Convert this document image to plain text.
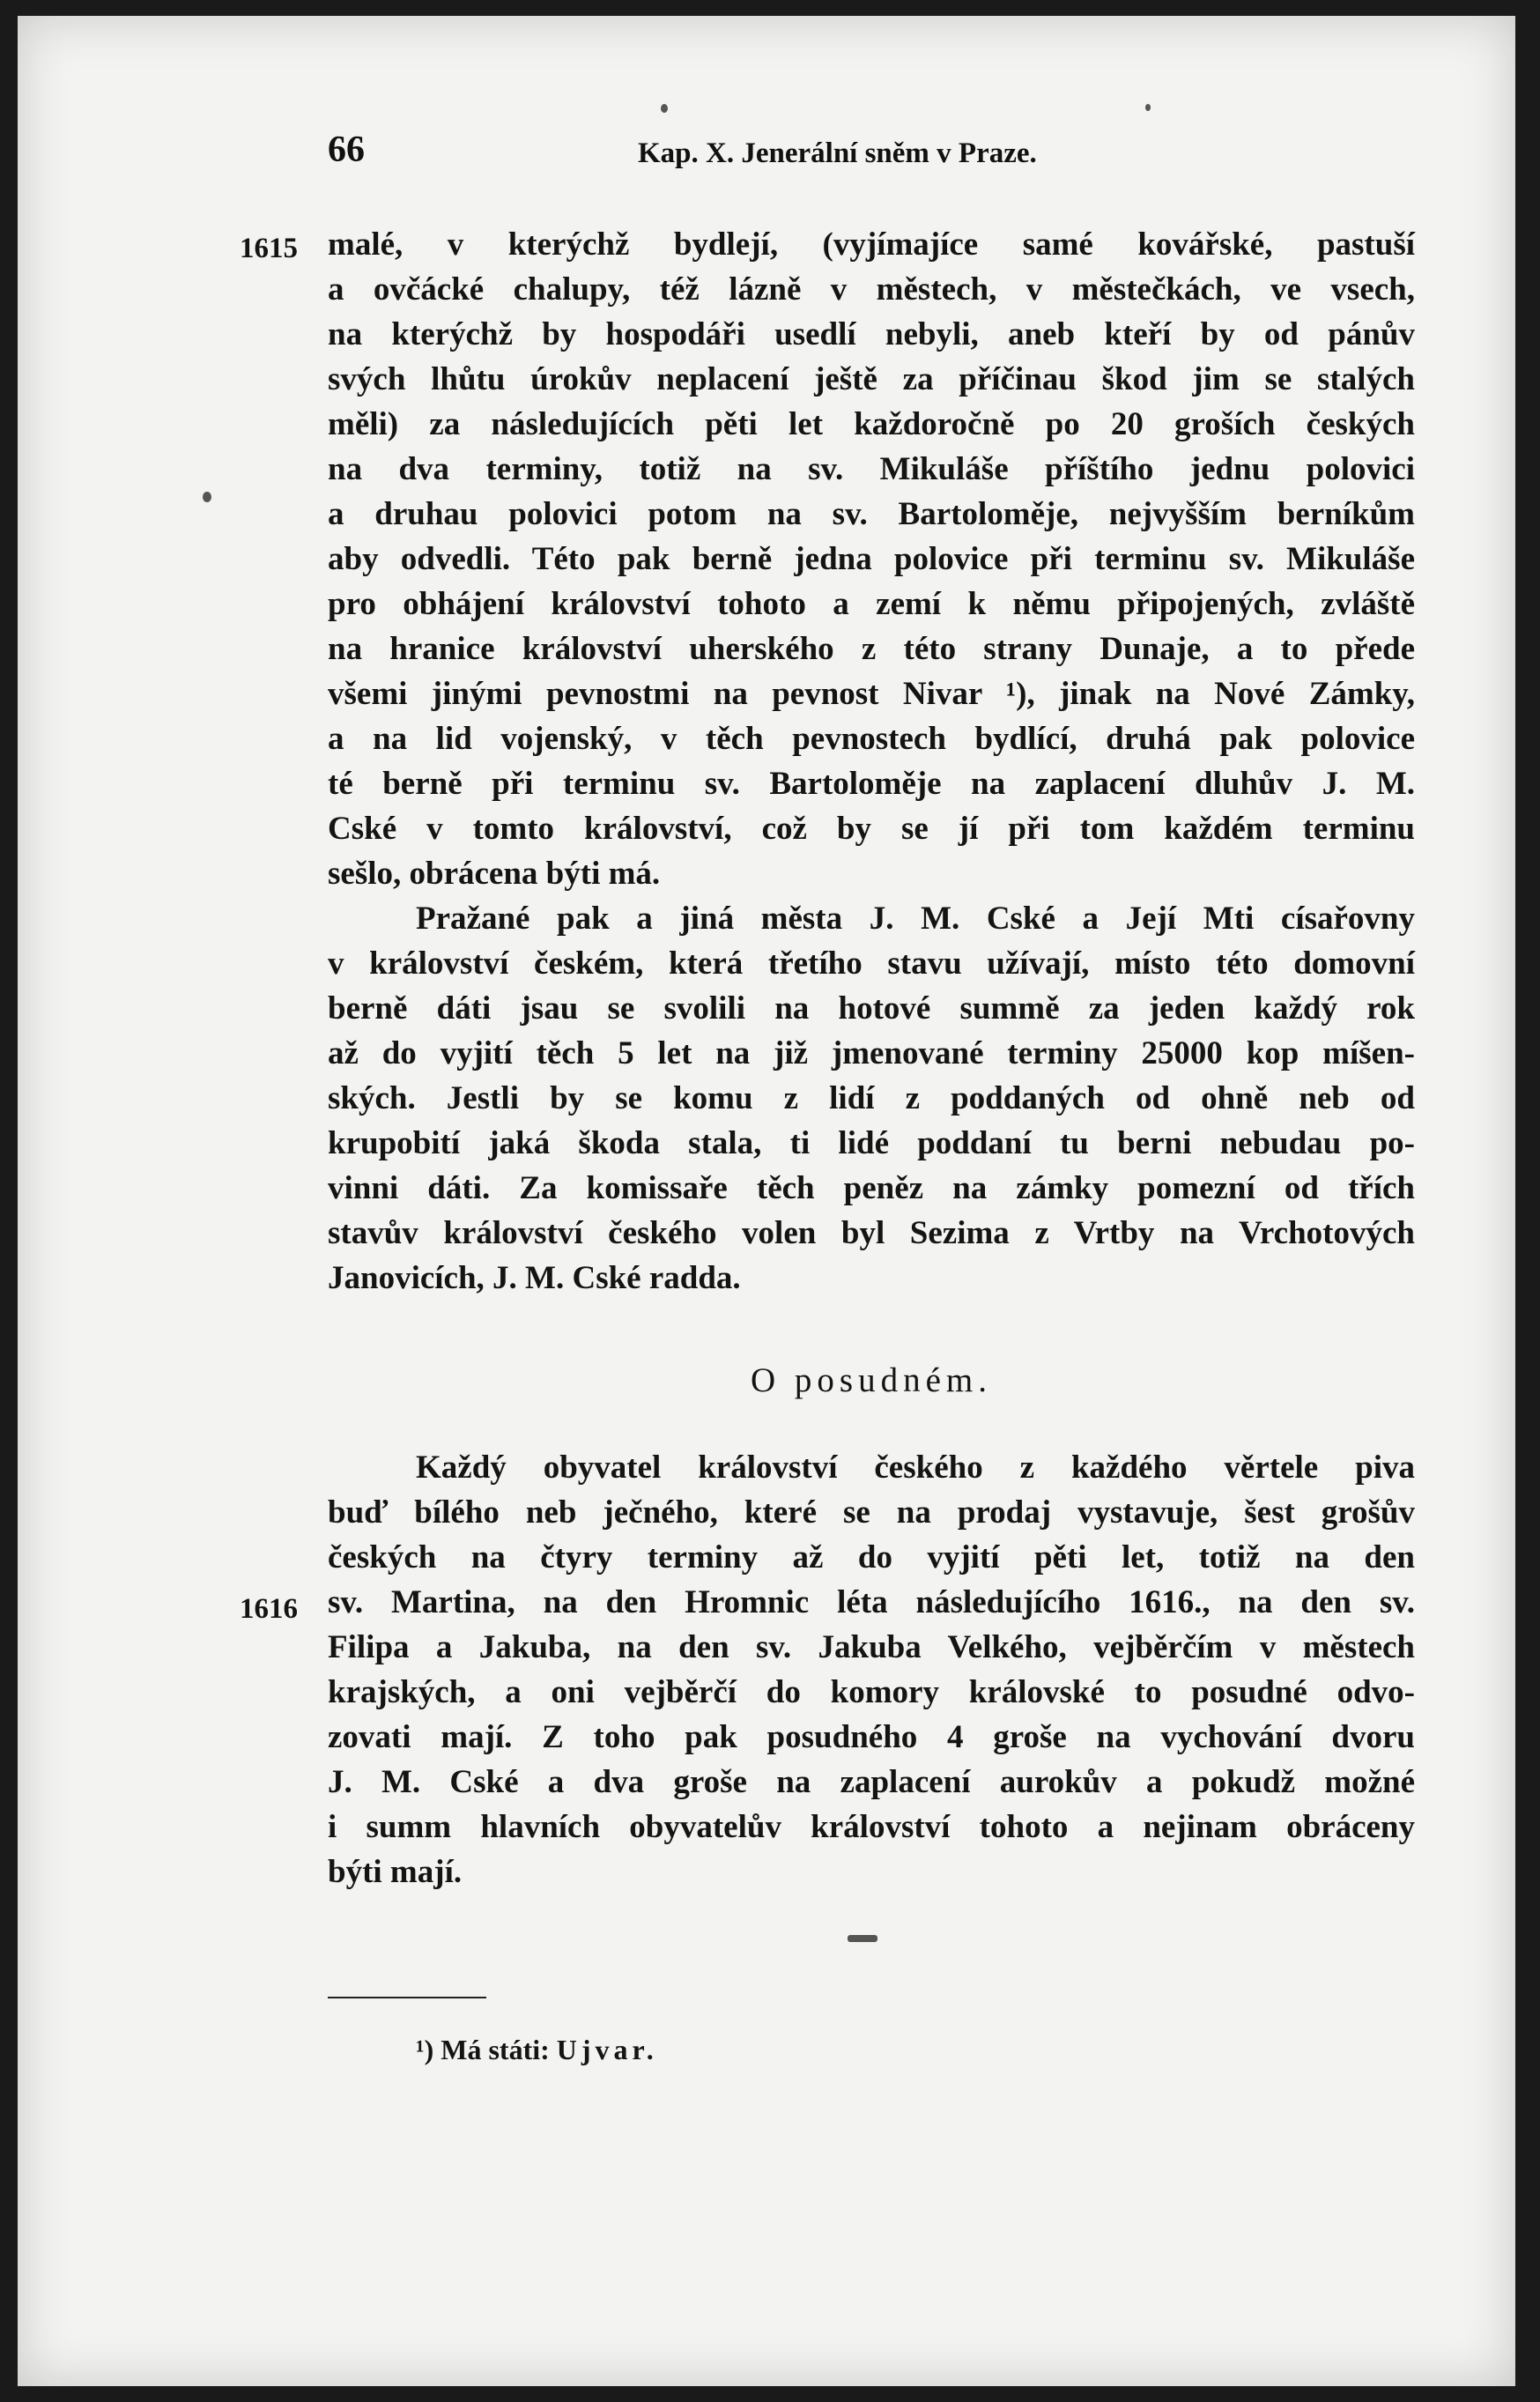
66	Kap. X. Jenerální sněm v Praze.
1615
1616
malé, v kterýchž bydlejí, (vyjímajíce samé kovářské, pastuší
a ovčácké chalupy, též lázně v městech, v městečkách, ve vsech,
na kterýchž by hospodáři usedlí nebyli, aneb kteří by od pánův
svých lhůtu úrokův neplacení ještě za příčinau škod jim se stalých
měli) za následujících pěti let každoročně po 20 groších českých
na dva terminy, totiž na sv. Mikuláše příštího jednu polovici
a druhau polovici potom na sv. Bartoloměje, nejvyšším berníkům
aby odvedli. Této pak berně jedna polovice při terminu sv. Mikuláše
pro obhájení království tohoto a zemí k němu připojených, zvláště
na hranice království uherského z této strany Dunaje, a to přede
všemi jinými pevnostmi na pevnost Nivar ¹), jinak na Nové Zámky,
a na lid vojenský, v těch pevnostech bydlící, druhá pak polovice
té berně při terminu sv. Bartoloměje na zaplacení dluhův J. M.
Cské v tomto království, což by se jí při tom každém terminu
sešlo, obrácena býti má.
Pražané pak a jiná města J. M. Cské a Její Mti císařovny
v království českém, která třetího stavu užívají, místo této domovní
berně dáti jsau se svolili na hotové summě za jeden každý rok
až do vyjití těch 5 let na již jmenované terminy 25000 kop míšen-
ských. Jestli by se komu z lidí z poddaných od ohně neb od
krupobití jaká škoda stala, ti lidé poddaní tu berni nebudau po-
vinni dáti. Za komissaře těch peněz na zámky pomezní od třích
stavův království českého volen byl Sezima z Vrtby na Vrchotových
Janovicích, J. M. Cské radda.
O posudném.
Každý obyvatel království českého z každého věrtele piva
buď bílého neb ječného, které se na prodaj vystavuje, šest grošův
českých na čtyry terminy až do vyjití pěti let, totiž na den
sv. Martina, na den Hromnic léta následujícího 1616., na den sv.
Filipa a Jakuba, na den sv. Jakuba Velkého, vejběrčím v městech
krajských, a oni vejběrčí do komory královské to posudné odvo-
zovati mají. Z toho pak posudného 4 groše na vychování dvoru
J. M. Cské a dva groše na zaplacení aurokův a pokudž možné
i summ hlavních obyvatelův království tohoto a nejinam obráceny
býti mají.
¹) Má státi: Ujvar.
